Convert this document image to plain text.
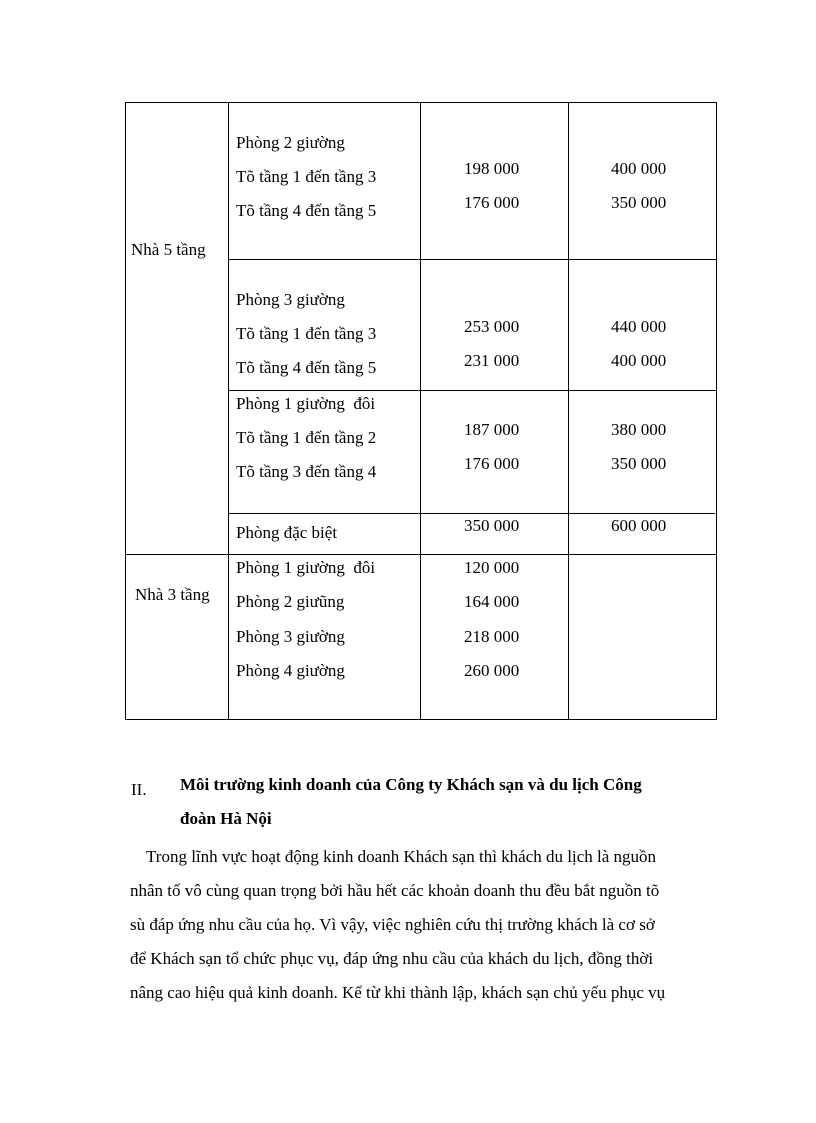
Nhà 5 tầng
Nhà 3 tầng
Phòng 2 giường
Tõ tầng 1 đến tầng 3
Tõ tầng 4 đến tầng 5
198 000
176 000
400 000
350 000
Phòng 3 giường
Tõ tầng 1 đến tầng 3
Tõ tầng 4 đến tầng 5
253 000
231 000
440 000
400 000
Phòng 1 giường  đôi
Tõ tầng 1 đến tầng 2
Tõ tầng 3 đến tầng 4
187 000
176 000
380 000
350 000
Phòng đặc biệt	350 000	600 000
Phòng 1 giường  đôi
Phòng 2 giưũng
Phòng 3 giường
Phòng 4 giường
120 000
164 000
218 000
260 000
II. Môi trường kinh doanh của Công ty Khách sạn và du lịch Công
đoàn Hà Nội
Trong lĩnh vực hoạt động kinh doanh Khách sạn thì khách du lịch là nguồn
nhân tố vô cùng quan trọng bởi hầu hết các khoản doanh thu đều bắt nguồn tõ
sù đáp ứng nhu cầu của họ. Vì vậy, việc nghiên cứu thị trường khách là cơ sở
để Khách sạn tổ chức phục vụ, đáp ứng nhu cầu của khách du lịch, đồng thời
nâng cao hiệu quả kinh doanh. Kể từ khi thành lập, khách sạn chủ yếu phục vụ
